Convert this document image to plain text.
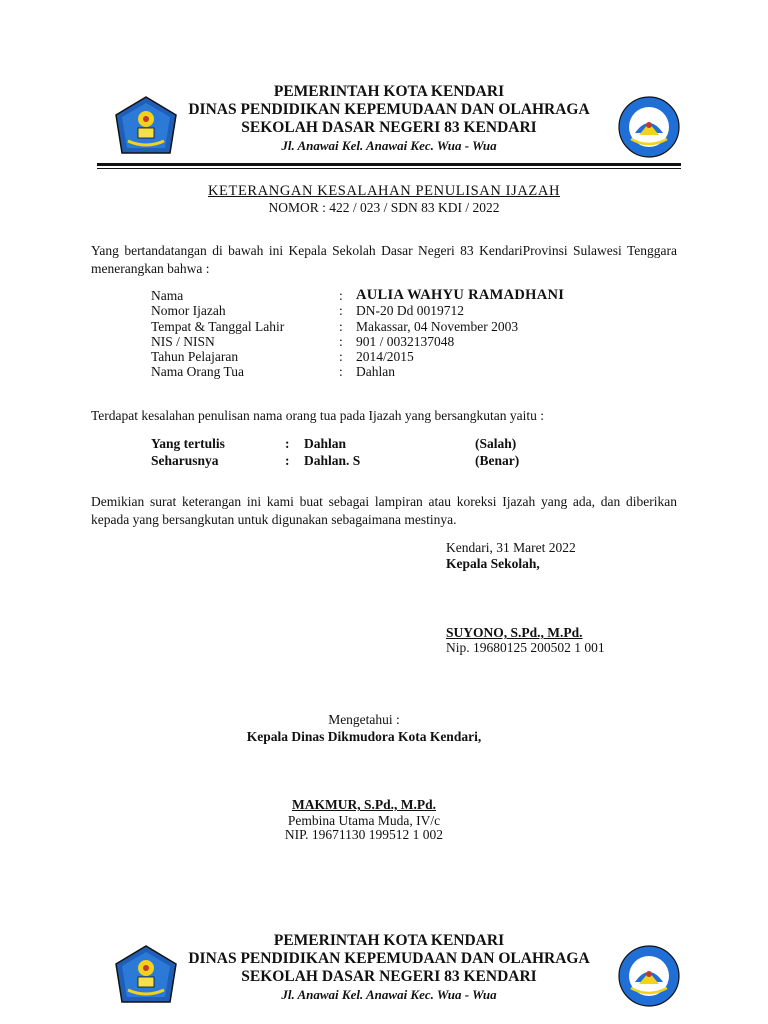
PEMERINTAH KOTA KENDARI
DINAS PENDIDIKAN KEPEMUDAAN DAN OLAHRAGA
SEKOLAH DASAR NEGERI 83 KENDARI
Jl. Anawai Kel. Anawai Kec. Wua - Wua
KETERANGAN KESALAHAN PENULISAN IJAZAH
NOMOR : 422 / 023 / SDN 83 KDI / 2022
Yang bertandatangan di bawah ini Kepala Sekolah Dasar Negeri 83 KendariProvinsi Sulawesi Tenggara menerangkan bahwa :
Nama	: AULIA WAHYU RAMADHANI
Nomor Ijazah	: DN-20 Dd 0019712
Tempat & Tanggal Lahir	: Makassar, 04 November 2003
NIS / NISN	: 901 / 0032137048
Tahun Pelajaran	: 2014/2015
Nama Orang Tua	: Dahlan
Terdapat kesalahan penulisan nama orang tua pada Ijazah yang bersangkutan yaitu :
Yang tertulis	: Dahlan	(Salah)
Seharusnya	: Dahlan. S	(Benar)
Demikian surat keterangan ini kami buat sebagai lampiran atau koreksi Ijazah yang ada, dan diberikan kepada yang bersangkutan untuk digunakan sebagaimana mestinya.
Kendari, 31 Maret 2022
Kepala Sekolah,
SUYONO, S.Pd., M.Pd.
Nip. 19680125 200502 1 001
Mengetahui :
Kepala Dinas Dikmudora Kota Kendari,
MAKMUR, S.Pd., M.Pd.
Pembina Utama Muda, IV/c
NIP. 19671130 199512 1 002
PEMERINTAH KOTA KENDARI
DINAS PENDIDIKAN KEPEMUDAAN DAN OLAHRAGA
SEKOLAH DASAR NEGERI 83 KENDARI
Jl. Anawai Kel. Anawai Kec. Wua - Wua
